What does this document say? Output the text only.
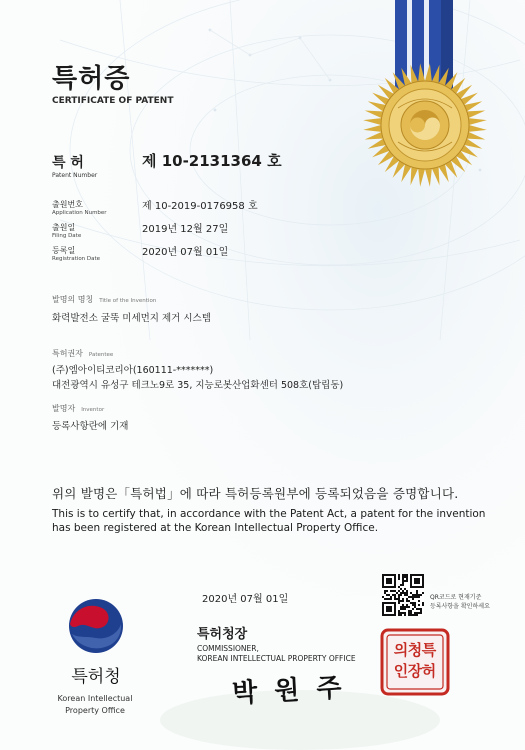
특허증
CERTIFICATE OF PATENT
특 허
Patent Number
제 10-2131364 호
출원번호
Application Number
제 10-2019-0176958 호
출원일
Filing Date
2019년 12월 27일
등록일
Registration Date
2020년 07월 01일
발명의 명칭 Title of the Invention
화력발전소 굴뚝 미세먼지 제거 시스템
특허권자 Patentee
(주)엠아이티코리아(160111-*******)
대전광역시 유성구 테크노9로 35, 지능로봇산업화센터 508호(탑립동)
발명자 Inventor
등록사항란에 기재
위의 발명은「특허법」에 따라 특허등록원부에 등록되었음을 증명합니다.
This is to certify that, in accordance with the Patent Act, a patent for the invention
has been registered at the Korean Intellectual Property Office.
QR코드로 현재기준
등록사항을 확인하세요
2020년 07월 01일
특허청장
COMMISSIONER,
KOREAN INTELLECTUAL PROPERTY OFFICE
박 원 주
특
허
청
장
의
인
특허청
Korean Intellectual
Property Office
